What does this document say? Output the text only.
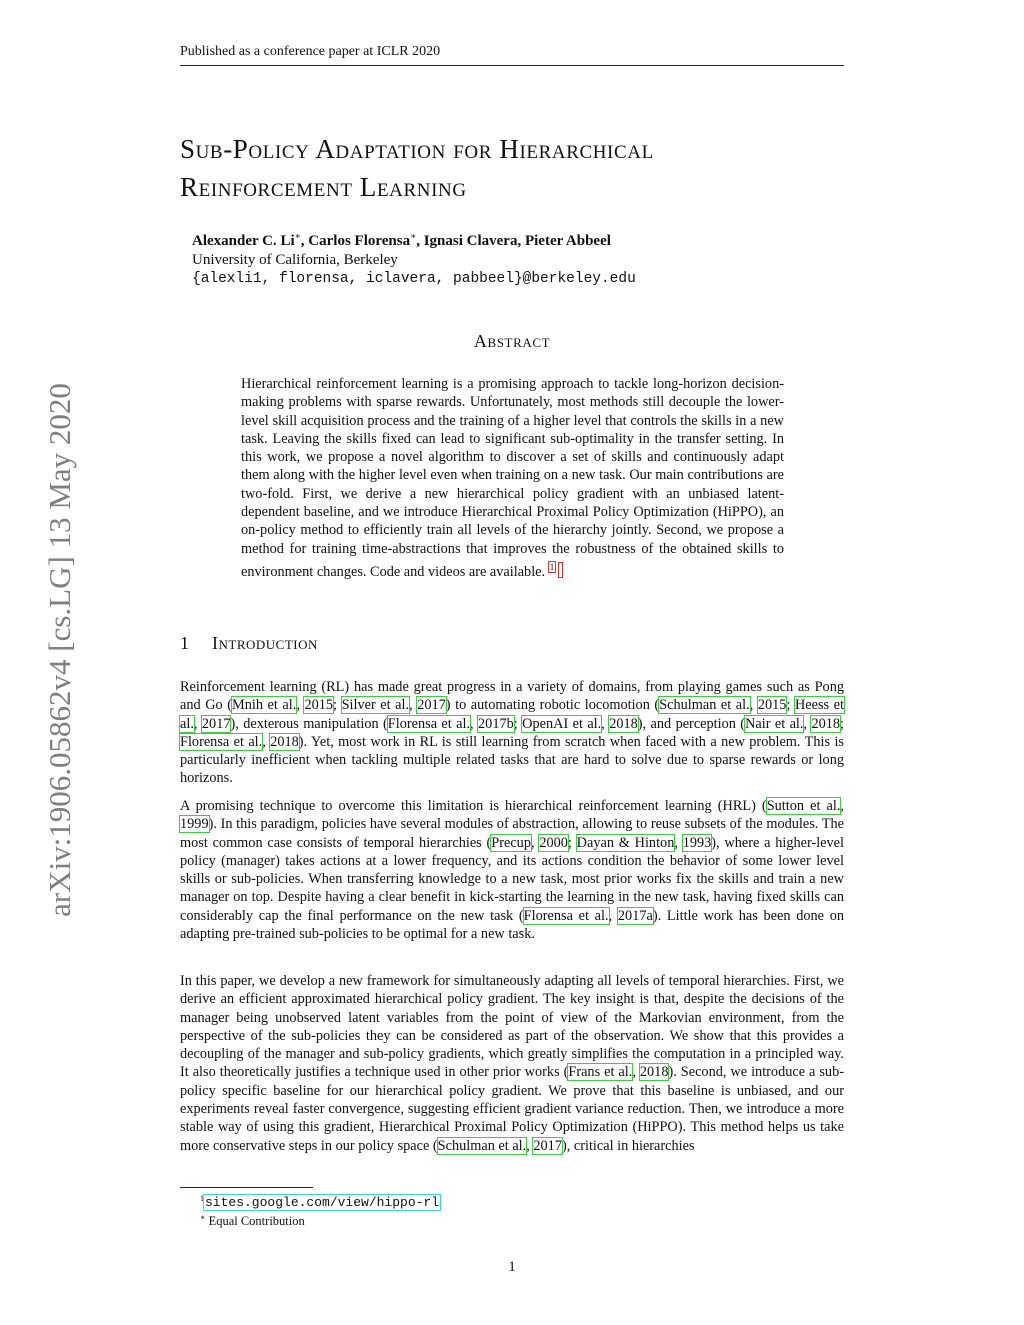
Published as a conference paper at ICLR 2020
arXiv:1906.05862v4 [cs.LG] 13 May 2020
Sub-Policy Adaptation for Hierarchical
Reinforcement Learning
Alexander C. Li∗, Carlos Florensa∗, Ignasi Clavera, Pieter Abbeel
University of California, Berkeley
{alexli1, florensa, iclavera, pabbeel}@berkeley.edu
Abstract

Hierarchical reinforcement learning is a promising approach to tackle long-horizon decision-making problems with sparse rewards. Unfortunately, most methods still decouple the lower-level skill acquisition process and the training of a higher level that controls the skills in a new task. Leaving the skills fixed can lead to significant sub-optimality in the transfer setting. In this work, we propose a novel algorithm to discover a set of skills and continuously adapt them along with the higher level even when training on a new task. Our main contributions are two-fold. First, we derive a new hierarchical policy gradient with an unbiased latent-dependent baseline, and we introduce Hierarchical Proximal Policy Optimization (HiPPO), an on-policy method to efficiently train all levels of the hierarchy jointly. Second, we propose a method for training time-abstractions that improves the robustness of the obtained skills to environment changes. Code and videos are available. $^1$

1 Introduction

Reinforcement learning (RL) has made great progress in a variety of domains, from playing games such as Pong and Go (Mnih et al., 2015; Silver et al., 2017) to automating robotic locomotion (Schulman et al., 2015; Heess et al., 2017), dexterous manipulation (Florensa et al., 2017b; OpenAI et al., 2018), and perception (Nair et al., 2018; Florensa et al., 2018). Yet, most work in RL is still learning from scratch when faced with a new problem. This is particularly inefficient when tackling multiple related tasks that are hard to solve due to sparse rewards or long horizons.

A promising technique to overcome this limitation is hierarchical reinforcement learning (HRL) (Sutton et al., 1999). In this paradigm, policies have several modules of abstraction, allowing to reuse subsets of the modules. The most common case consists of temporal hierarchies (Precup, 2000; Dayan & Hinton, 1993), where a higher-level policy (manager) takes actions at a lower frequency, and its actions condition the behavior of some lower level skills or sub-policies. When transferring knowledge to a new task, most prior works fix the skills and train a new manager on top. Despite having a clear benefit in kick-starting the learning in the new task, having fixed skills can considerably cap the final performance on the new task (Florensa et al., 2017a). Little work has been done on adapting pre-trained sub-policies to be optimal for a new task.

In this paper, we develop a new framework for simultaneously adapting all levels of temporal hierarchies. First, we derive an efficient approximated hierarchical policy gradient. The key insight is that, despite the decisions of the manager being unobserved latent variables from the point of view of the Markovian environment, from the perspective of the sub-policies they can be considered as part of the observation. We show that this provides a decoupling of the manager and sub-policy gradients, which greatly simplifies the computation in a principled way. It also theoretically justifies a technique used in other prior works (Frans et al., 2018). Second, we introduce a sub-policy specific baseline for our hierarchical policy gradient. We prove that this baseline is unbiased, and our experiments reveal faster convergence, suggesting efficient gradient variance reduction. Then, we introduce a more stable way of using this gradient, Hierarchical Proximal Policy Optimization (HiPPO). This method helps us take more conservative steps in our policy space (Schulman et al., 2017), critical in hierarchies

$^1$sites.google.com/view/hippo-rl
∗ Equal Contribution
1
